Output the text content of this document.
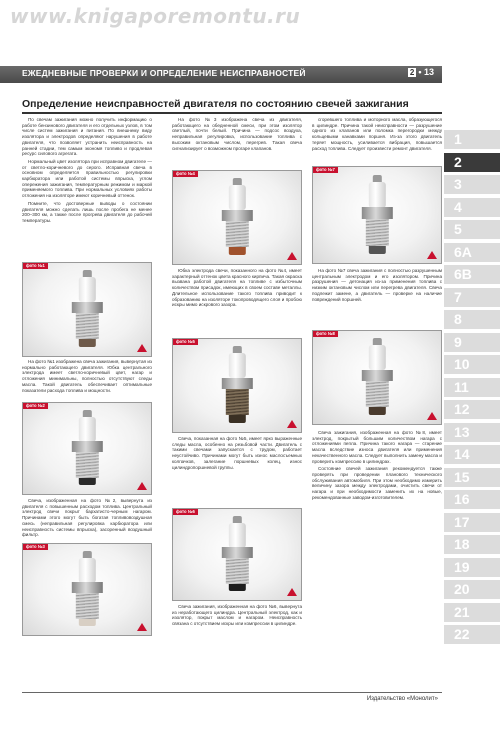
www.knigaporemontu.ru
ЕЖЕДНЕВНЫЕ ПРОВЕРКИ И ОПРЕДЕЛЕНИЕ НЕИСПРАВНОСТЕЙ	2 • 13
Определение неисправностей двигателя по состоянию свечей зажигания

По свечам зажигания можно получить информацию о работе бензинового двигателя и его отдельных узлов, в том числе систем зажигания и питания. По внешнему виду изолятора и электродов определяют нарушения в работе двигателя, что позволяет устранить неисправность на ранней стадии, тем самым экономя топливо и продлевая ресурс силового агрегата.

Нормальный цвет изолятора при исправном двигателе — от светло-коричневого до серого. Исправная свеча в основном определяется правильностью регулировки карбюратора или работой системы впрыска, углом опережения зажигания, температурным режимом и маркой применяемого топлива. При нормальных условиях работы отложения на изоляторе имеют коричневый оттенок.

Помните, что достоверные выводы о состоянии двигателя можно сделать лишь после пробега не менее 200–300 км, а также после прогрева двигателя до рабочей температуры.

фото №1

На фото №1 изображена свеча зажигания, вывернутая из нормально работающего двигателя. Юбка центрального электрода имеет светло-коричневый цвет, нагар и отложения минимальны, полностью отсутствуют следы масла. Такой двигатель обеспечивает оптимальные показатели расхода топлива и мощности.

фото №2

Свеча, изображенная на фото №2, вывернута из двигателя с повышенным расходом топлива. Центральный электрод свечи покрыт бархатисто-черным нагаром. Причинами этого могут быть богатая топливовоздушная смесь (неправильная регулировка карбюратора или неисправность системы впрыска), засоренный воздушный фильтр.

фото №3

На фото №3 изображена свеча из двигателя, работающего на обедненной смеси, при этом изолятор светлый, почти белый. Причина — подсос воздуха, неправильная регулировка, использование топлива с высоким октановым числом, перегрев. Такая свеча сигнализирует о возможном прогаре клапанов.

фото №4

Юбка электрода свечи, показанного на фото №4, имеет характерный оттенок цвета красного кирпича. Такая окраска вызвана работой двигателя на топливе с избыточным количеством присадок, имеющих в своем составе металлы. Длительное использование такого топлива приводит к образованию на изоляторе токопроводящего слоя и пробою искры мимо искрового зазора.

фото №5

Свеча, показанная на фото №5, имеет ярко выраженные следы масла, особенно на резьбовой части. Двигатель с такими свечами запускается с трудом, работает неустойчиво. Причинами могут быть износ маслосъемных колпачков, залегание поршневых колец, износ цилиндропоршневой группы.

фото №6

Свеча зажигания, изображенная на фото №6, вывернута из неработающего цилиндра. Центральный электрод, как и изолятор, покрыт маслом и нагаром. Неисправность связана с отсутствием искры или компрессии в цилиндре.

сгоревшего топлива и моторного масла, образующегося в цилиндре. Причина такой неисправности — разрушение одного из клапанов или поломка перегородки между кольцевыми канавками поршня. Из-за этого двигатель теряет мощность, усиливается вибрация, повышается расход топлива. Следует произвести ремонт двигателя.

фото №7

На фото №7 свеча зажигания с полностью разрушенным центральным электродом и его изолятором. Причина разрушения — детонация из-за применения топлива с низким октановым числом или перегрева двигателя. Свеча подлежит замене, а двигатель — проверке на наличие повреждений поршней.

фото №8

Свеча зажигания, изображенная на фото №8, имеет электрод, покрытый большим количеством нагара с отложениями пепла. Причина такого нагара — старение масла вследствие износа двигателя или применения некачественного масла. Следует выполнить замену масла и проверить компрессию в цилиндрах.

Состояние свечей зажигания рекомендуется также проверять при проведении планового технического обслуживания автомобиля. При этом необходимо измерить величину зазора между электродами, очистить свечи от нагара и при необходимости заменить их на новые, рекомендованные заводом-изготовителем.

1
2
3
4
5
6A
6B
7
8
9
10
11
12
13
14
15
16
17
18
19
20
21
22
Издательство «Монолит»
